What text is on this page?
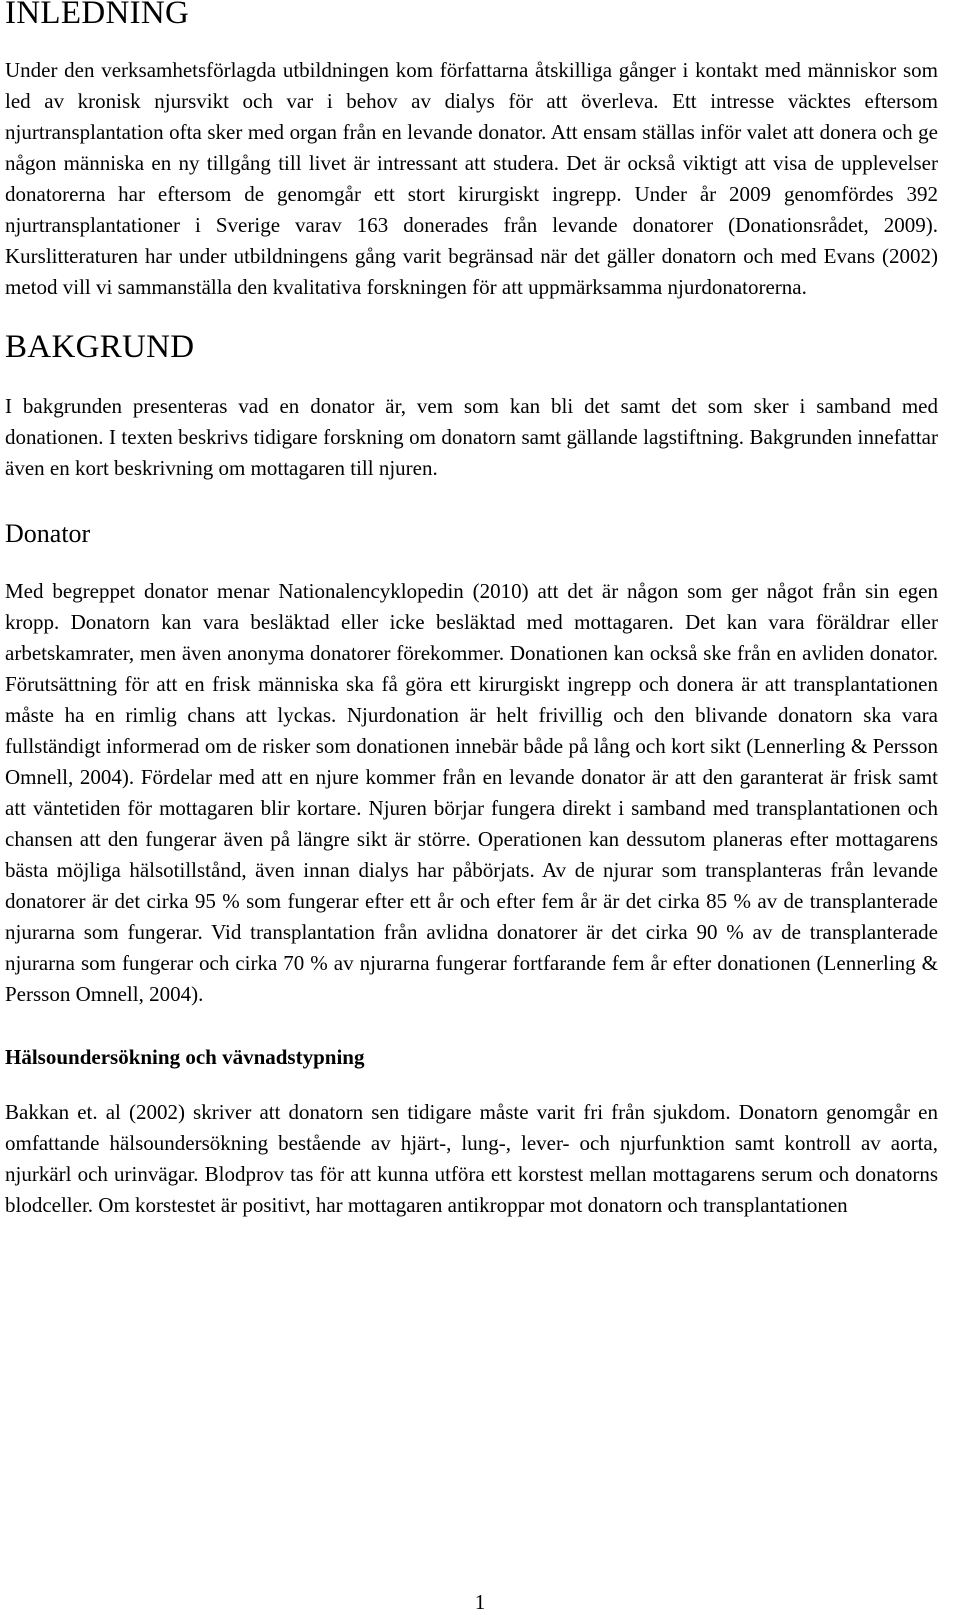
INLEDNING

Under den verksamhetsförlagda utbildningen kom författarna åtskilliga gånger i kontakt med människor som led av kronisk njursvikt och var i behov av dialys för att överleva. Ett intresse väcktes eftersom njurtransplantation ofta sker med organ från en levande donator. Att ensam ställas inför valet att donera och ge någon människa en ny tillgång till livet är intressant att studera. Det är också viktigt att visa de upplevelser donatorerna har eftersom de genomgår ett stort kirurgiskt ingrepp. Under år 2009 genomfördes 392 njurtransplantationer i Sverige varav 163 donerades från levande donatorer (Donationsrådet, 2009). Kurslitteraturen har under utbildningens gång varit begränsad när det gäller donatorn och med Evans (2002) metod vill vi sammanställa den kvalitativa forskningen för att uppmärksamma njurdonatorerna.

BAKGRUND

I bakgrunden presenteras vad en donator är, vem som kan bli det samt det som sker i samband med donationen. I texten beskrivs tidigare forskning om donatorn samt gällande lagstiftning. Bakgrunden innefattar även en kort beskrivning om mottagaren till njuren.

Donator

Med begreppet donator menar Nationalencyklopedin (2010) att det är någon som ger något från sin egen kropp. Donatorn kan vara besläktad eller icke besläktad med mottagaren. Det kan vara föräldrar eller arbetskamrater, men även anonyma donatorer förekommer. Donationen kan också ske från en avliden donator. Förutsättning för att en frisk människa ska få göra ett kirurgiskt ingrepp och donera är att transplantationen måste ha en rimlig chans att lyckas. Njurdonation är helt frivillig och den blivande donatorn ska vara fullständigt informerad om de risker som donationen innebär både på lång och kort sikt (Lennerling & Persson Omnell, 2004). Fördelar med att en njure kommer från en levande donator är att den garanterat är frisk samt att väntetiden för mottagaren blir kortare. Njuren börjar fungera direkt i samband med transplantationen och chansen att den fungerar även på längre sikt är större. Operationen kan dessutom planeras efter mottagarens bästa möjliga hälsotillstånd, även innan dialys har påbörjats. Av de njurar som transplanteras från levande donatorer är det cirka 95 % som fungerar efter ett år och efter fem år är det cirka 85 % av de transplanterade njurarna som fungerar. Vid transplantation från avlidna donatorer är det cirka 90 % av de transplanterade njurarna som fungerar och cirka 70 % av njurarna fungerar fortfarande fem år efter donationen (Lennerling & Persson Omnell, 2004).

Hälsoundersökning och vävnadstypning

Bakkan et. al (2002) skriver att donatorn sen tidigare måste varit fri från sjukdom. Donatorn genomgår en omfattande hälsoundersökning bestående av hjärt-, lung-, lever- och njurfunktion samt kontroll av aorta, njurkärl och urinvägar. Blodprov tas för att kunna utföra ett korstest mellan mottagarens serum och donatorns blodceller. Om korstestet är positivt, har mottagaren antikroppar mot donatorn och transplantationen

1
